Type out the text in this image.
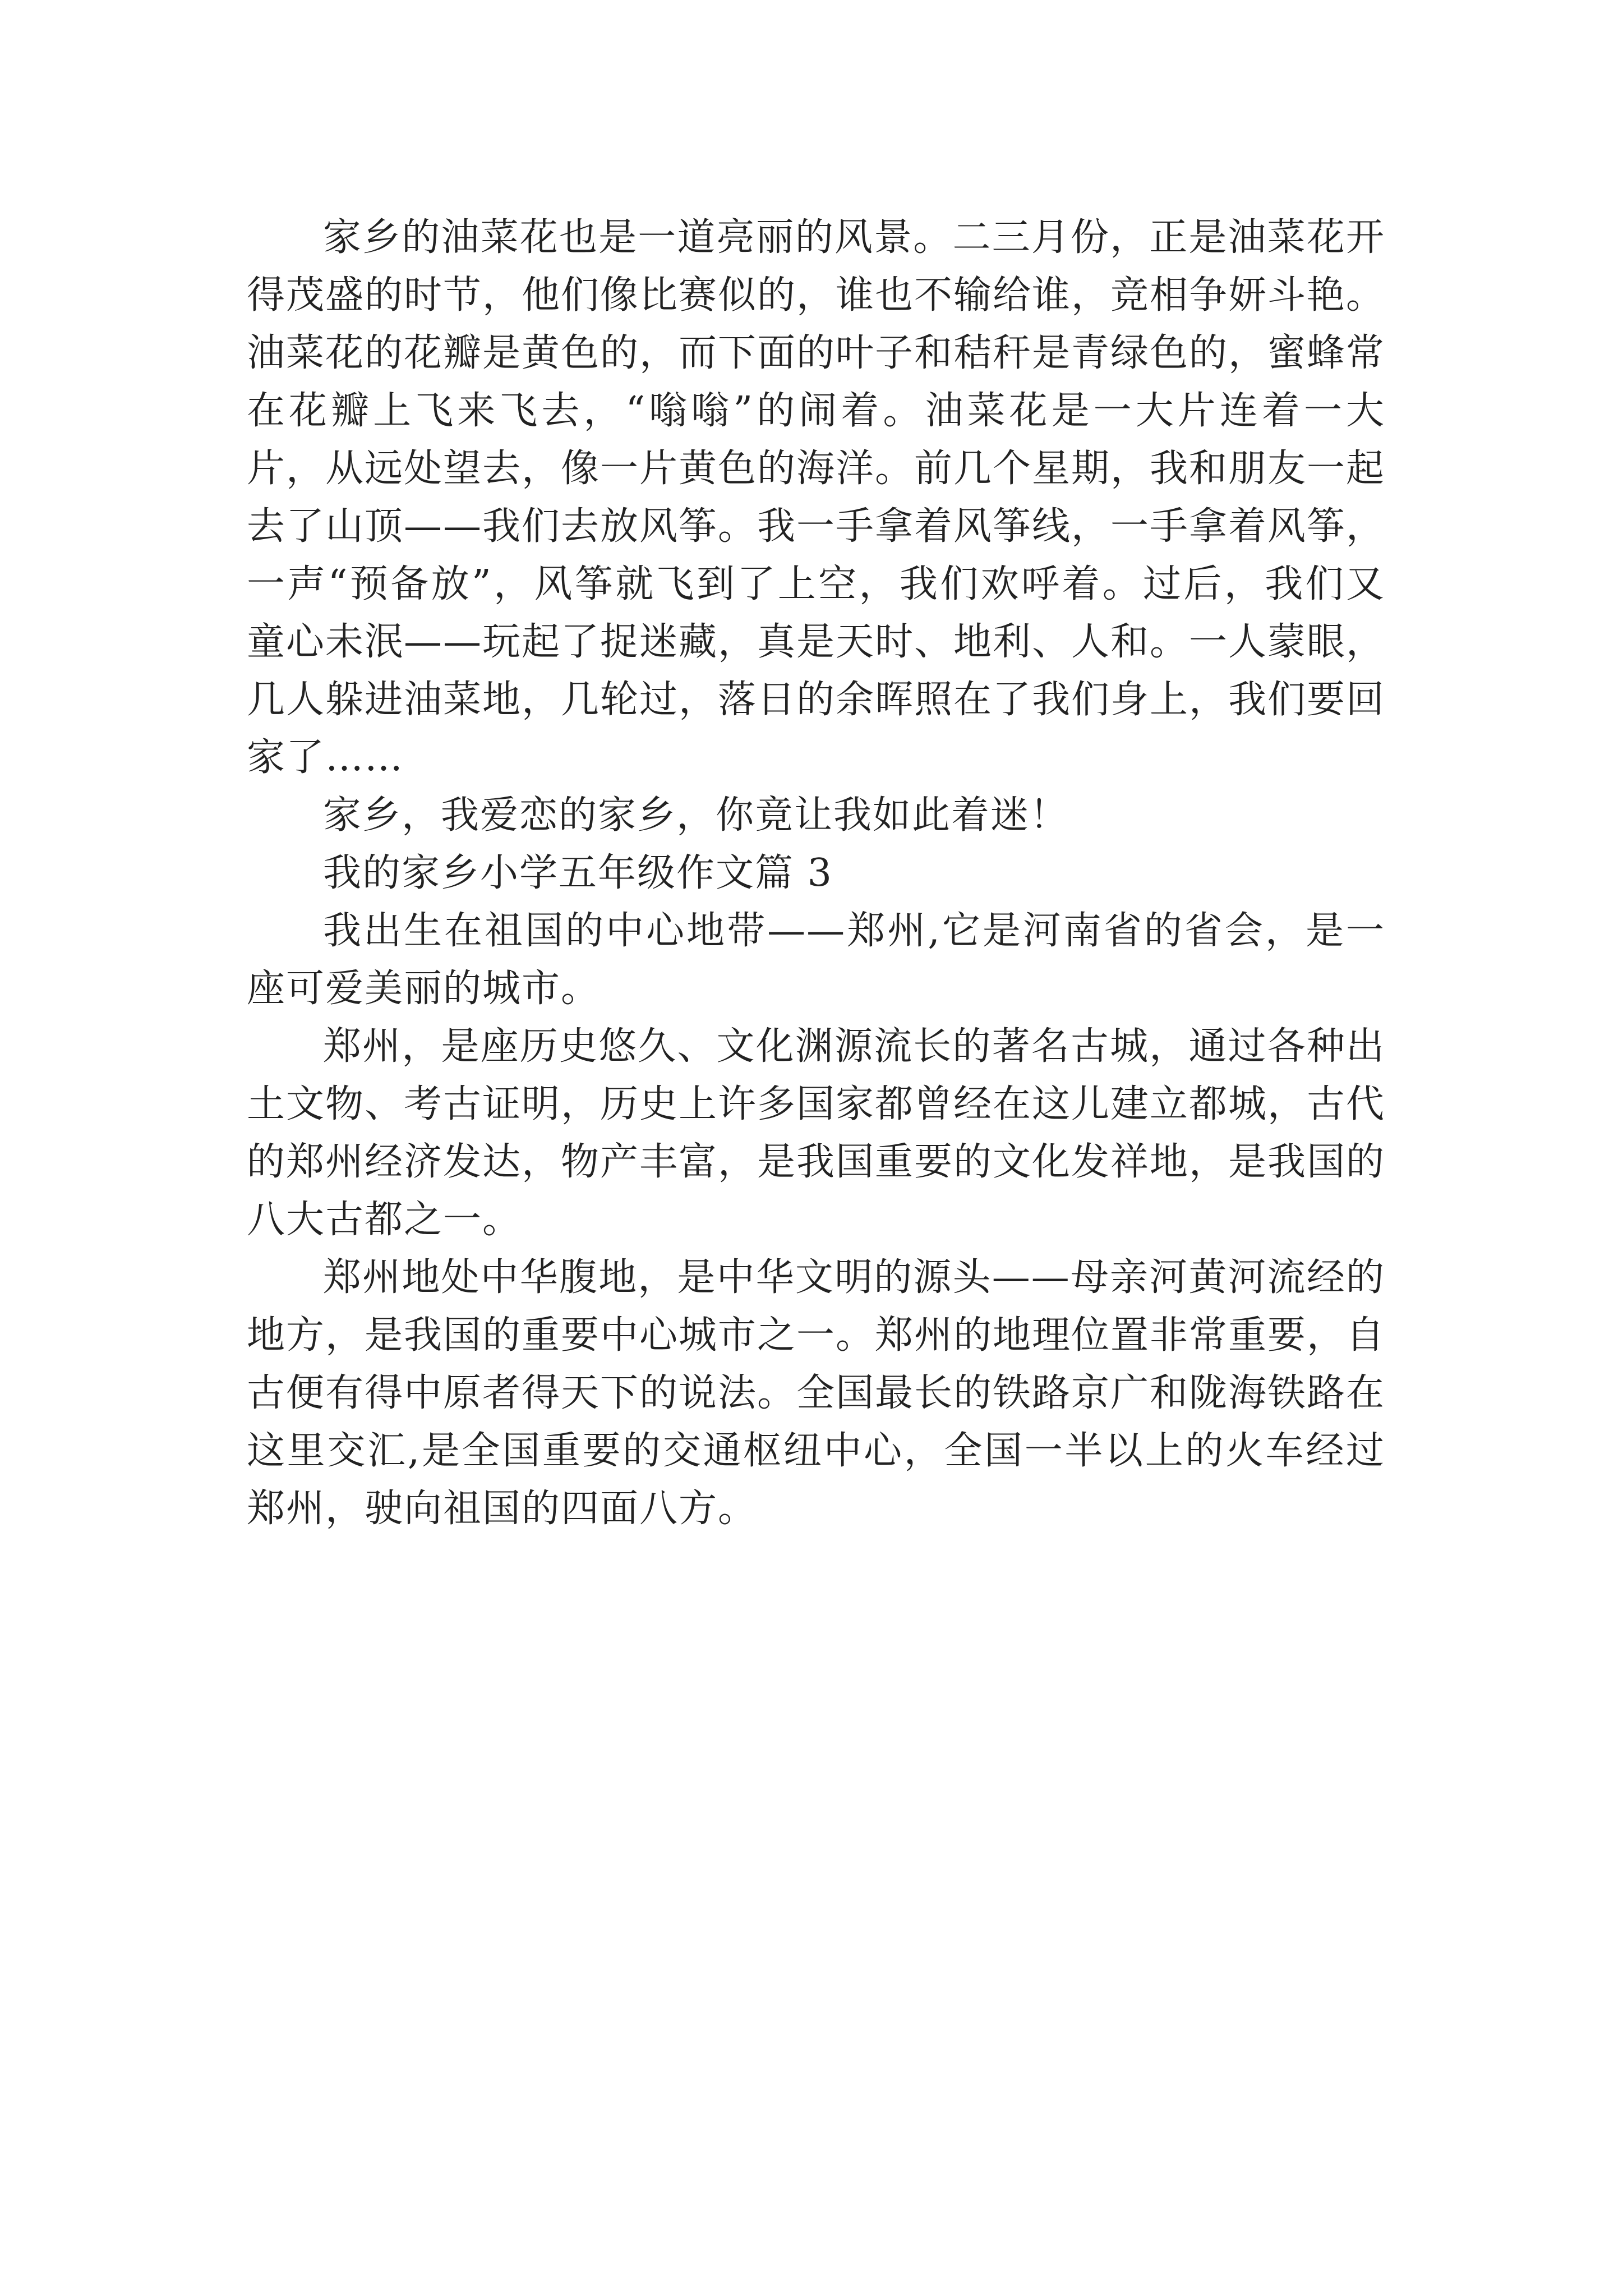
家乡的油菜花也是一道亮丽的风景。二三月份，正是油菜花开得茂盛的时节，他们像比赛似的，谁也不输给谁，竞相争妍斗艳。油菜花的花瓣是黄色的，而下面的叶子和秸秆是青绿色的，蜜蜂常在花瓣上飞来飞去，“嗡嗡”的闹着。油菜花是一大片连着一大片，从远处望去，像一片黄色的海洋。前几个星期，我和朋友一起去了山顶——我们去放风筝。我一手拿着风筝线，一手拿着风筝，一声“预备放”，风筝就飞到了上空，我们欢呼着。过后，我们又童心未泯——玩起了捉迷藏，真是天时、地利、人和。一人蒙眼，几人躲进油菜地，几轮过，落日的余晖照在了我们身上，我们要回家了……

家乡，我爱恋的家乡，你竟让我如此着迷！

我的家乡小学五年级作文篇 3

我出生在祖国的中心地带——郑州,它是河南省的省会，是一座可爱美丽的城市。

郑州，是座历史悠久、文化渊源流长的著名古城，通过各种出土文物、考古证明，历史上许多国家都曾经在这儿建立都城，古代的郑州经济发达，物产丰富，是我国重要的文化发祥地，是我国的八大古都之一。

郑州地处中华腹地，是中华文明的源头——母亲河黄河流经的地方，是我国的重要中心城市之一。郑州的地理位置非常重要，自古便有得中原者得天下的说法。全国最长的铁路京广和陇海铁路在这里交汇,是全国重要的交通枢纽中心，全国一半以上的火车经过郑州，驶向祖国的四面八方。
